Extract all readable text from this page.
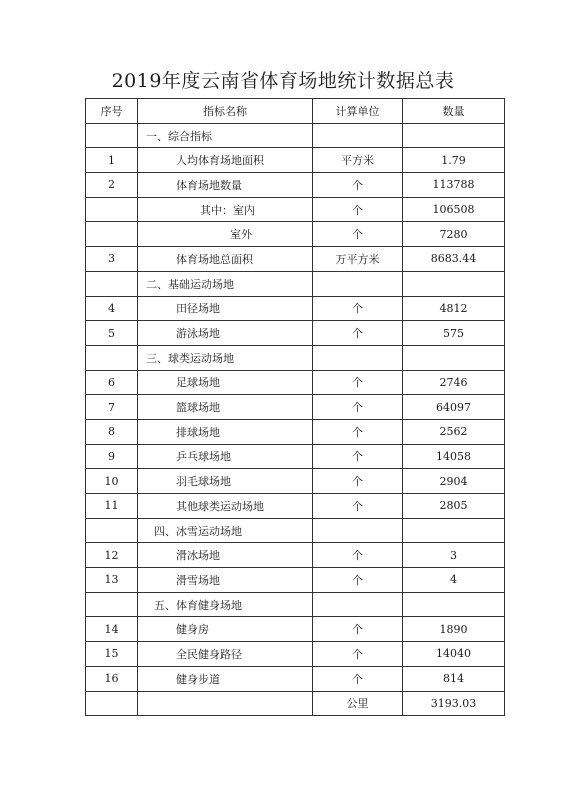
2019年度云南省体育场地统计数据总表
序号	指标名称	计算单位	数量
	一、综合指标		
1	人均体育场地面积	平方米	1.79
2	体育场地数量	个	113788
	其中：室内	个	106508
	室外	个	7280
3	体育场地总面积	万平方米	8683.44
	二、基础运动场地		
4	田径场地	个	4812
5	游泳场地	个	575
	三、球类运动场地		
6	足球场地	个	2746
7	篮球场地	个	64097
8	排球场地	个	2562
9	乒乓球场地	个	14058
10	羽毛球场地	个	2904
11	其他球类运动场地	个	2805
	四、冰雪运动场地		
12	滑冰场地	个	3
13	滑雪场地	个	4
	五、体育健身场地		
14	健身房	个	1890
15	全民健身路径	个	14040
16	健身步道	个	814
		公里	3193.03
